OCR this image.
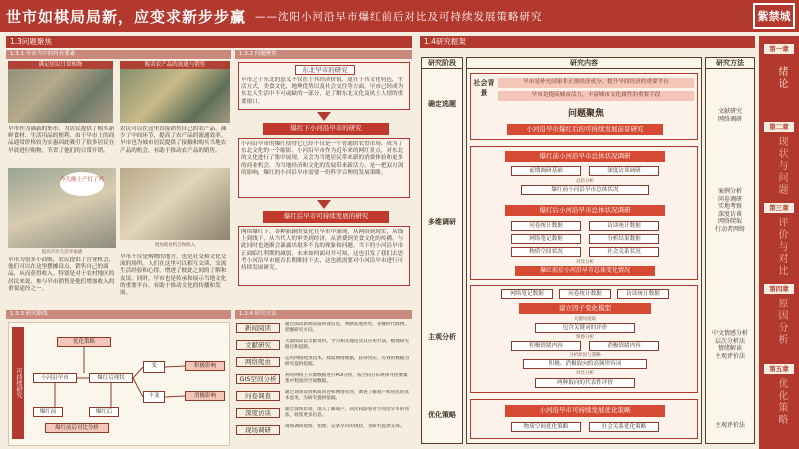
世市如棋局局新，应变求新步步赢 ——沈阳小河沿早市爆红前后对比及可持续发展策略研究	紫禁城
1.3问题聚焦
1.3.1 早市当中的特有要素
满足居民日常购物	贩卖农产品的流通与销售
早市作为满载的集市，为居民提供了购买新鲜食材、生活用品的便利。由于早市上的商品通常价格较为实惠因此吸引了很多居民在早晨进行购物，节省了他们的日常开销。
农民可以在这里直接销售自己的农产品，减少了中间环节，提高了农产品的流通效率。早市也为城市居民提供了接触和购买当地农产品的机会，有助于推动农产品的销售。
今儿晚上产灯了吗
提高市民生活幸福感
增加就业机会和收入
早市为很多小商贩、农民提供了营业机会，他们可以在这里摆摊设点，销售自己的商品，从而获得收入。特别是对于农村地区的居民来说，参与早市销售是他们增加收入的重要途径之一。
早市不仅是购物的地方，也是社交和文化交流的场所。人们在这里可以相互交谈、交流生活经验和心得，增进了彼此之间的了解和友谊。同时，早市也是传承和展示当地文化的重要平台，有助于推动文化的传播和发展。
1.3.2 问题聚焦
东北早市的研究
早市之于东北的意义不仅在于其经济价值，更在于其文化特色，生活方式，美食文化，地理优势以及社会交往等方面。早市已经成为东北人生活中不可或缺的一部分，是了解东北文化及风土人情的重要窗口。
爆红下小河沿早市的研究
小河沿早市的爆红使得它已经不仅是一个普通的农贸市场，成为了东北文化的一个缩影。小河沿早市作为近年来的网红景点，对东北的文化进行了集中展现，又会为当地居民带来新的消费体验和更多的商业机会，为当地经济和文化的发展带来新活力。是一把双刃剑的影响，爆红的小河沿早市需要一份科学合理的发展策略。
爆红后早市可持续发展的研究
网络爆红下，各种新颖的变化在早市中涌现，从网络到现实，从线上到线下，从当代人的审美到经济，从消费到美食文化的传播，与此同时也逐渐会暴露出很多不良的现象和问题。当下的小河沿早市正面临红利期的减弱，未来如何面对并可知，这也引发了我们去思考小河沿早市能否长期维持下去，这也就需要对小河沿早市进行可持续发展研究。
1.3.3 研究路线
可持续研究
优化策略
小河沿早市	爆红后现状
爆红前	爆红后
爆红前后对比分析
变
不变
积极影响
消极影响
1.3.4 研究方法
新闻阅读	通过阅读新闻获取时效信息，判断发展形势，掌握时代脉搏，把握研究方向。
文献研究	大量阅读以文献资料，学习相关理论及其应用方法，梳理研究路径和思路。
网络爬虫	运用网络爬虫技术，爬取网络数据，获得真实、有效的数据为研究提供依据。
GIS空间分析	利用网络上开源数据进行POI分析，按空间分布规律寻找要素集中程度的空间数据。
问卷调查	通过现场发放纸质问卷和网络问卷，调查了解商户和居民的基本意见，为研究提供依据。
深度访谈	通过现场访谈，深入了解商户、居民和游客对小河沿早市的看法，收集更多信息。
现场调研	现场调研观察，拍照，记录早市的现状，为研究提供支撑。
1.4研究框架
研究阶段	研究内容	研究方法
确定选题
多维调研
主观分析
优化策略
社会背景
早市是补充国家非正规经济成分，提升早间经济的重要平台
早市是提高城市活力，丰富城市文化属性的重要手段
问题聚焦
小河沿早市爆红后的可持续发展前景研究
爆红前小河沿早市总体状况调研
前期调研基础	深度访谈调研
总结分析
爆红前小河沿早市总体状况
爆红后小河沿早市总体状况调研
问卷统计数据	访谈统计数据
网络笔记数据	分析结果数据
物质空间状况	社会关系状况
对比分析
爆红前后小河沿早市总体变化情况
网络笔记数据	问卷统计数据	访谈统计数据
建立因子变化模型
关键词提取
包含关键词的评价
情感分析
积极情绪内容	消极情绪内容
分析原因与策略
积极、消极取向的高频形容词
对比分析
两种取向的代表性评价
小河沿早市可持续发展优化策略
物质空间优化策略	社会关系优化策略
文献研究
网络调研
案例分析
问卷调研
实地考察
深度访谈
网络爬取
行动者网络
中文情感分析
层次分析法
情绪解读
主观评价法
主观评价法
第一章
绪论
第二章
现状与问题
第三章
评价与对比
第四章
原因分析
第五章
优化策略
